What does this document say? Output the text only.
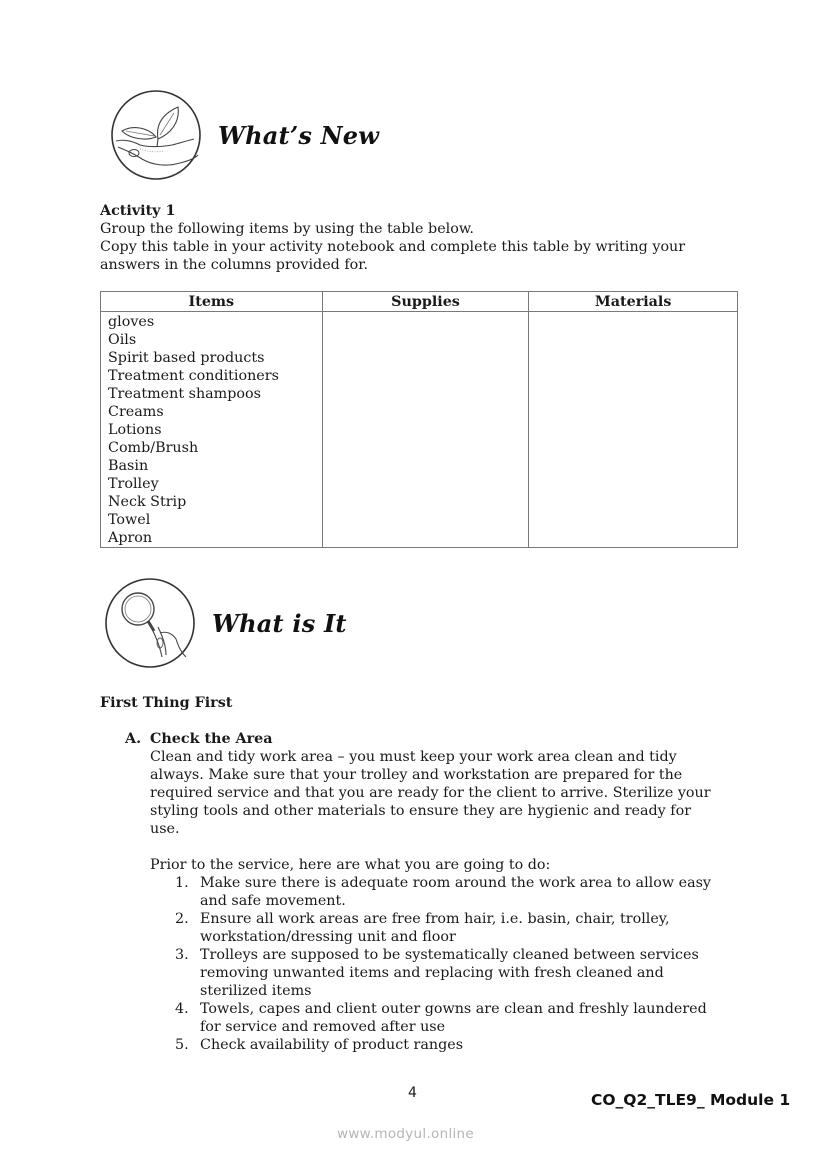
What’s New
Activity 1
Group the following items by using the table below.
Copy this table in your activity notebook and complete this table by writing your
answers in the columns provided for.
Items	Supplies	Materials

gloves
Oils
Spirit based products
Treatment conditioners
Treatment shampoos
Creams
Lotions
Comb/Brush
Basin
Trolley
Neck Strip
Towel
Apron

What is It
First Thing First
A. Check the Area
Clean and tidy work area – you must keep your work area clean and tidy
always. Make sure that your trolley and workstation are prepared for the
required service and that you are ready for the client to arrive. Sterilize your
styling tools and other materials to ensure they are hygienic and ready for
use.
Prior to the service, here are what you are going to do:
1. Make sure there is adequate room around the work area to allow easy
and safe movement.
2. Ensure all work areas are free from hair, i.e. basin, chair, trolley,
workstation/dressing unit and floor
3. Trolleys are supposed to be systematically cleaned between services
removing unwanted items and replacing with fresh cleaned and
sterilized items
4. Towels, capes and client outer gowns are clean and freshly laundered
for service and removed after use
5. Check availability of product ranges
4	CO_Q2_TLE9_ Module 1
www.modyul.online
